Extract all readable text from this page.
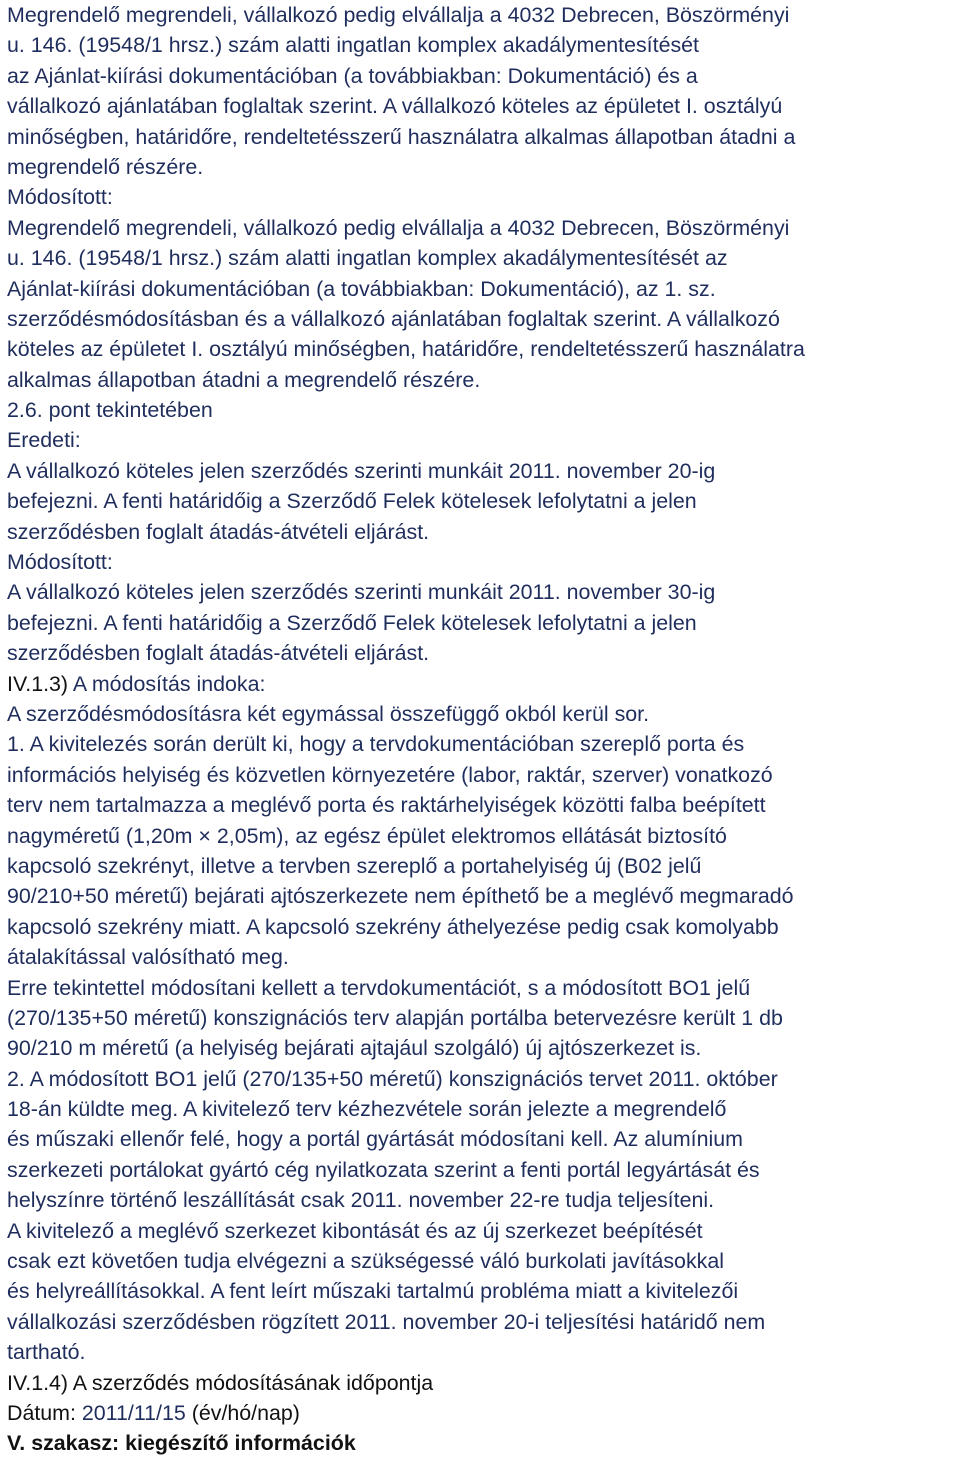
Megrendelő megrendeli, vállalkozó pedig elvállalja a 4032 Debrecen, Böszörményi
u. 146. (19548/1 hrsz.) szám alatti ingatlan komplex akadálymentesítését
az Ajánlat-kiírási dokumentációban (a továbbiakban: Dokumentáció) és a
vállalkozó ajánlatában foglaltak szerint. A vállalkozó köteles az épületet I. osztályú
minőségben, határidőre, rendeltetésszerű használatra alkalmas állapotban átadni a
megrendelő részére.
Módosított:
Megrendelő megrendeli, vállalkozó pedig elvállalja a 4032 Debrecen, Böszörményi
u. 146. (19548/1 hrsz.) szám alatti ingatlan komplex akadálymentesítését az
Ajánlat-kiírási dokumentációban (a továbbiakban: Dokumentáció), az 1. sz.
szerződésmódosításban és a vállalkozó ajánlatában foglaltak szerint. A vállalkozó
köteles az épületet I. osztályú minőségben, határidőre, rendeltetésszerű használatra
alkalmas állapotban átadni a megrendelő részére.
2.6. pont tekintetében
Eredeti:
A vállalkozó köteles jelen szerződés szerinti munkáit 2011. november 20-ig
befejezni. A fenti határidőig a Szerződő Felek kötelesek lefolytatni a jelen
szerződésben foglalt átadás-átvételi eljárást.
Módosított:
A vállalkozó köteles jelen szerződés szerinti munkáit 2011. november 30-ig
befejezni. A fenti határidőig a Szerződő Felek kötelesek lefolytatni a jelen
szerződésben foglalt átadás-átvételi eljárást.
IV.1.3) A módosítás indoka:
A szerződésmódosításra két egymással összefüggő okból kerül sor.
1. A kivitelezés során derült ki, hogy a tervdokumentációban szereplő porta és
információs helyiség és közvetlen környezetére (labor, raktár, szerver) vonatkozó
terv nem tartalmazza a meglévő porta és raktárhelyiségek közötti falba beépített
nagyméretű (1,20m × 2,05m), az egész épület elektromos ellátását biztosító
kapcsoló szekrényt, illetve a tervben szereplő a portahelyiség új (B02 jelű
90/210+50 méretű) bejárati ajtószerkezete nem építhető be a meglévő megmaradó
kapcsoló szekrény miatt. A kapcsoló szekrény áthelyezése pedig csak komolyabb
átalakítással valósítható meg.
Erre tekintettel módosítani kellett a tervdokumentációt, s a módosított BO1 jelű
(270/135+50 méretű) konszignációs terv alapján portálba betervezésre került 1 db
90/210 m méretű (a helyiség bejárati ajtajául szolgáló) új ajtószerkezet is.
2. A módosított BO1 jelű (270/135+50 méretű) konszignációs tervet 2011. október
18-án küldte meg. A kivitelező terv kézhezvétele során jelezte a megrendelő
és műszaki ellenőr felé, hogy a portál gyártását módosítani kell. Az alumínium
szerkezeti portálokat gyártó cég nyilatkozata szerint a fenti portál legyártását és
helyszínre történő leszállítását csak 2011. november 22-re tudja teljesíteni.
A kivitelező a meglévő szerkezet kibontását és az új szerkezet beépítését
csak ezt követően tudja elvégezni a szükségessé váló burkolati javításokkal
és helyreállításokkal. A fent leírt műszaki tartalmú probléma miatt a kivitelezői
vállalkozási szerződésben rögzített 2011. november 20-i teljesítési határidő nem
tartható.
IV.1.4) A szerződés módosításának időpontja
Dátum: 2011/11/15 (év/hó/nap)
V. szakasz: kiegészítő információk
